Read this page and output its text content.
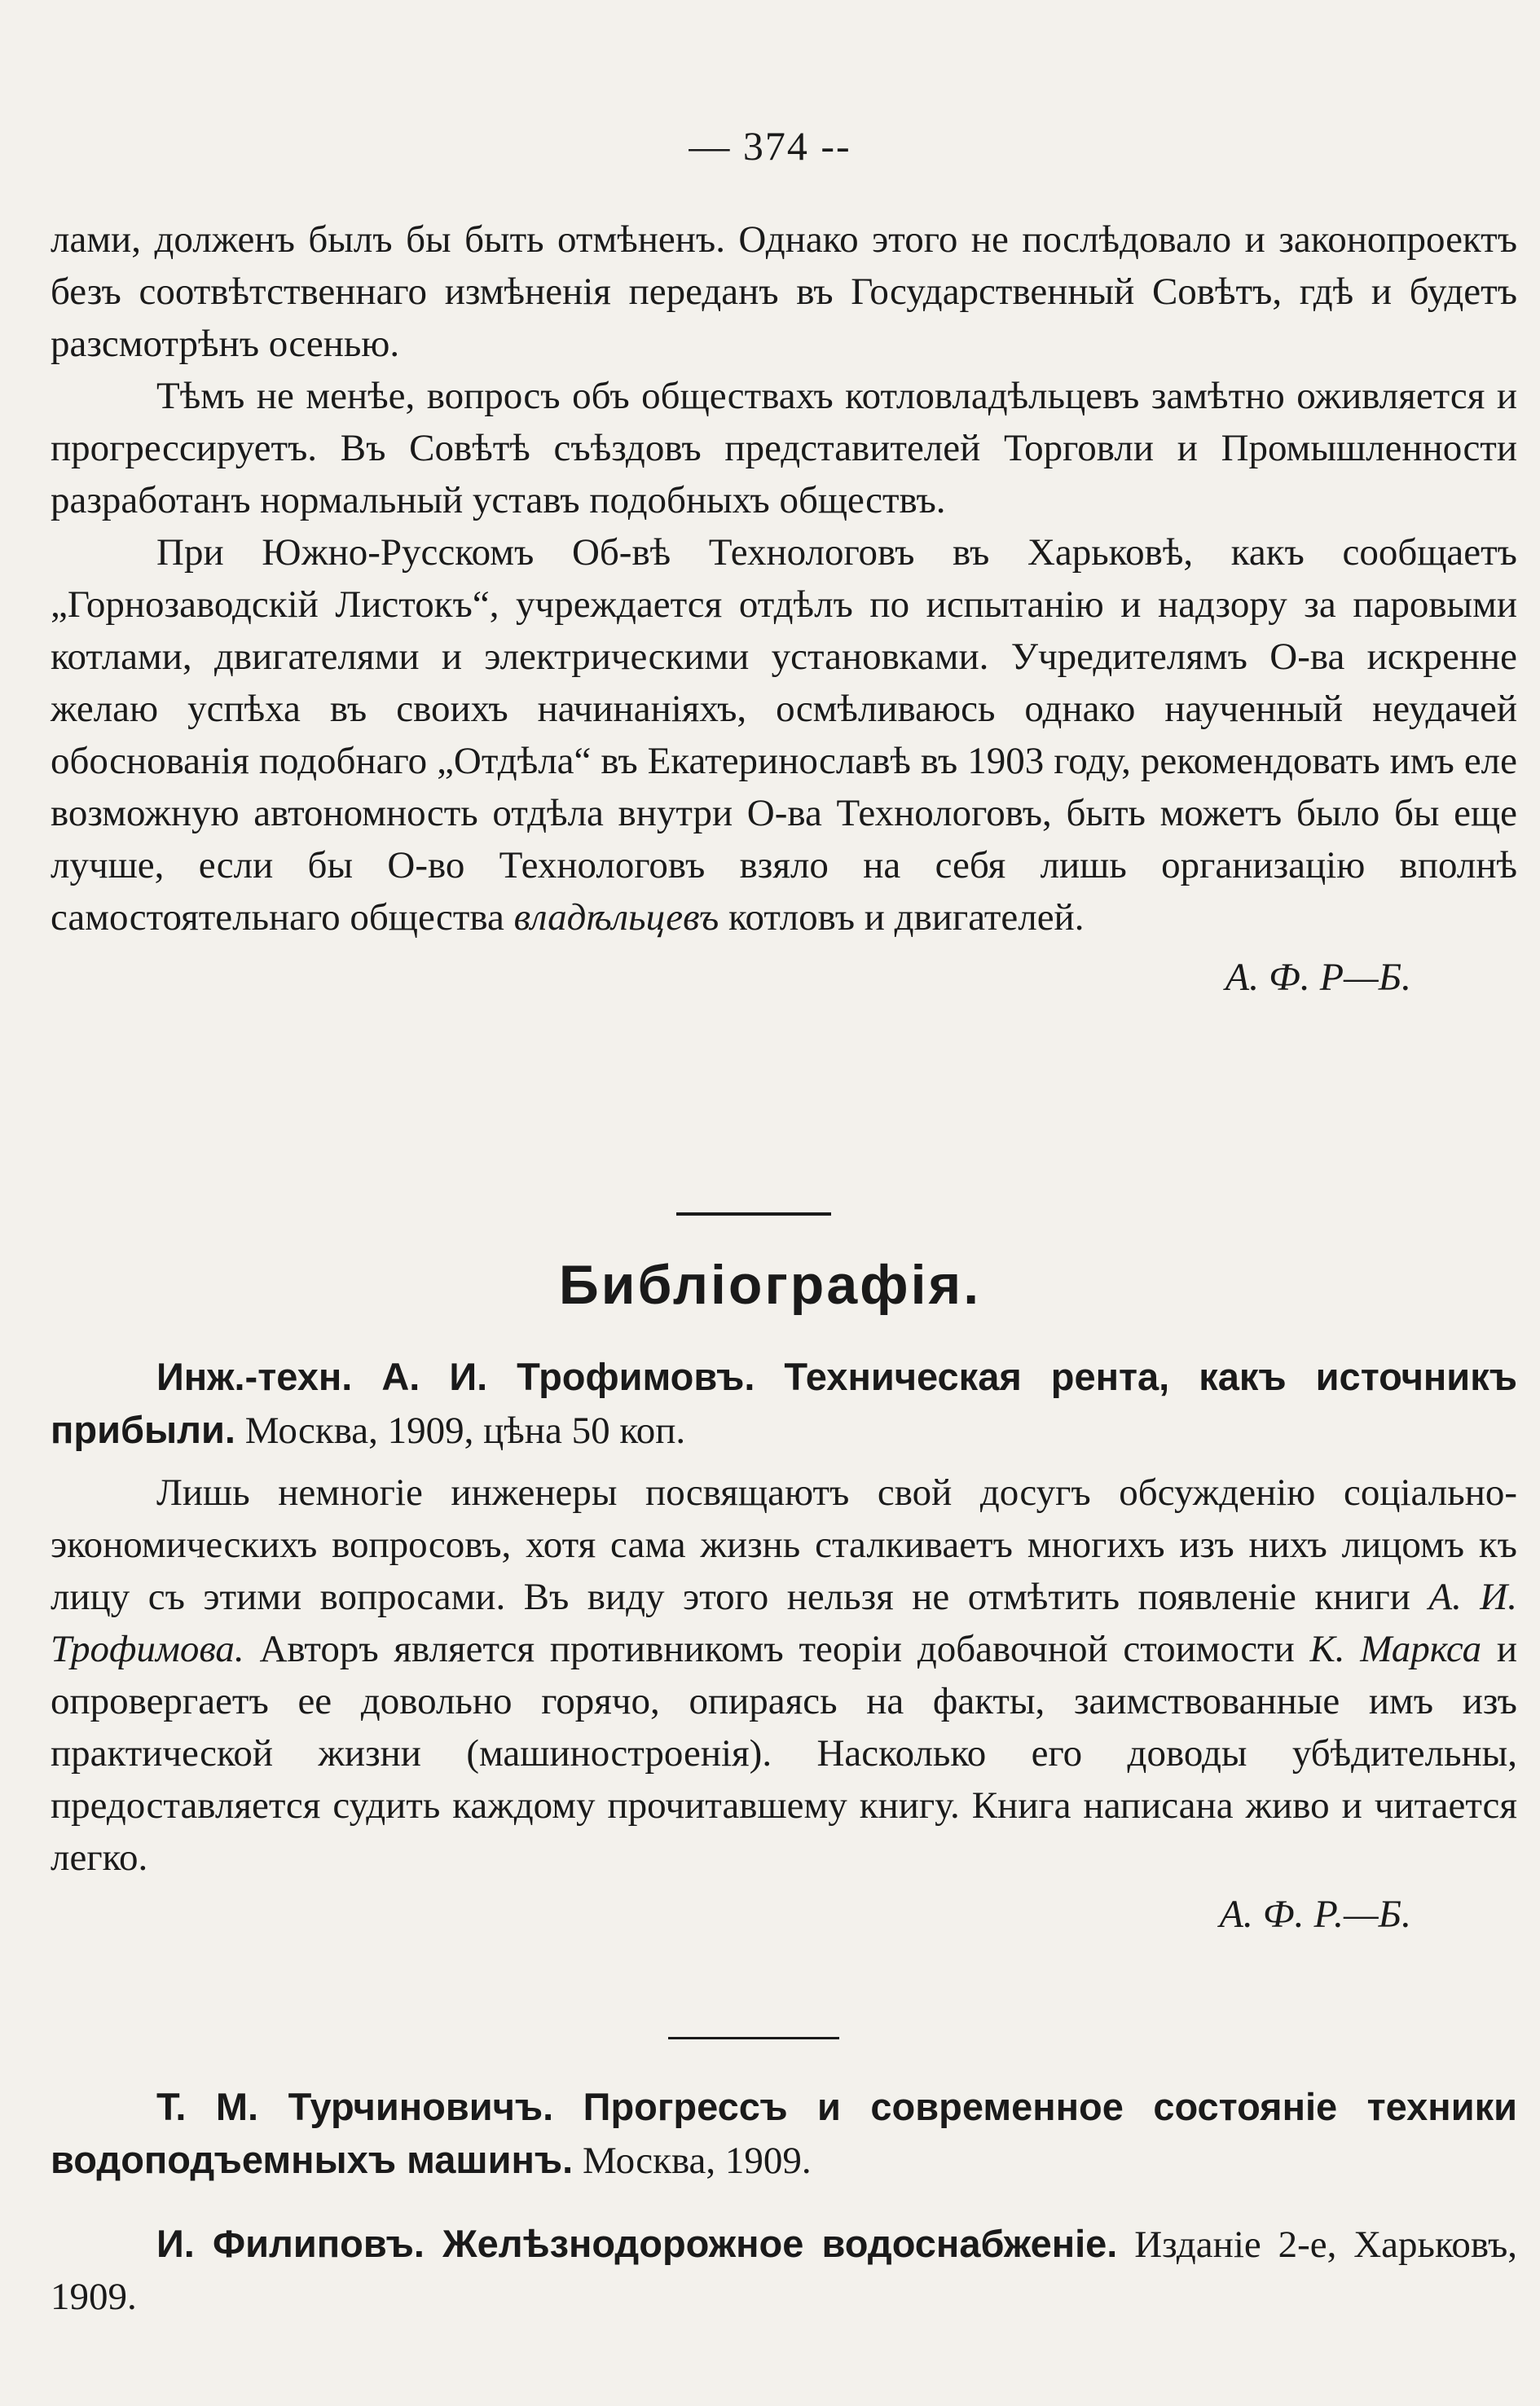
— 374 --

лами, долженъ былъ бы быть отмѣненъ. Однако этого не послѣдовало и законопроектъ безъ соотвѣтственнаго измѣненія переданъ въ Государственный Совѣтъ, гдѣ и будетъ разсмотрѣнъ осенью.

Тѣмъ не менѣе, вопросъ объ обществахъ котловладѣльцевъ замѣтно оживляется и прогрессируетъ. Въ Совѣтѣ съѣздовъ представителей Торговли и Промышленности разработанъ нормальный уставъ подобныхъ обществъ.

При Южно-Русскомъ Об-вѣ Технологовъ въ Харьковѣ, какъ сообщаетъ „Горнозаводскій Листокъ“, учреждается отдѣлъ по испытанію и надзору за паровыми котлами, двигателями и электрическими установками. Учредителямъ О-ва искренне желаю успѣха въ своихъ начинаніяхъ, осмѣливаюсь однако наученный неудачей обоснованія подобнаго „Отдѣла“ въ Екатеринославѣ въ 1903 году, рекомендовать имъ еле возможную автономность отдѣла внутри О-ва Технологовъ, быть можетъ было бы еще лучше, если бы О-во Технологовъ взяло на себя лишь организацію вполнѣ самостоятельнаго общества владѣльцевъ котловъ и двигателей.

А. Ф. Р—Б.
Библіографія.

Инж.-техн. А. И. Трофимовъ. Техническая рента, какъ источникъ прибыли. Москва, 1909, цѣна 50 коп.

Лишь немногіе инженеры посвящаютъ свой досугъ обсужденію соціально-экономическихъ вопросовъ, хотя сама жизнь сталкиваетъ многихъ изъ нихъ лицомъ къ лицу съ этими вопросами. Въ виду этого нельзя не отмѣтить появленіе книги А. И. Трофимова. Авторъ является противникомъ теоріи добавочной стоимости К. Маркса и опровергаетъ ее довольно горячо, опираясь на факты, заимствованные имъ изъ практической жизни (машиностроенія). Насколько его доводы убѣдительны, предоставляется судить каждому прочитавшему книгу. Книга написана живо и читается легко.

А. Ф. Р.—Б.

Т. М. Турчиновичъ. Прогрессъ и современное состояніе техники водоподъемныхъ машинъ. Москва, 1909.

И. Филиповъ. Желѣзнодорожное водоснабженіе. Изданіе 2-е, Харьковъ, 1909.
